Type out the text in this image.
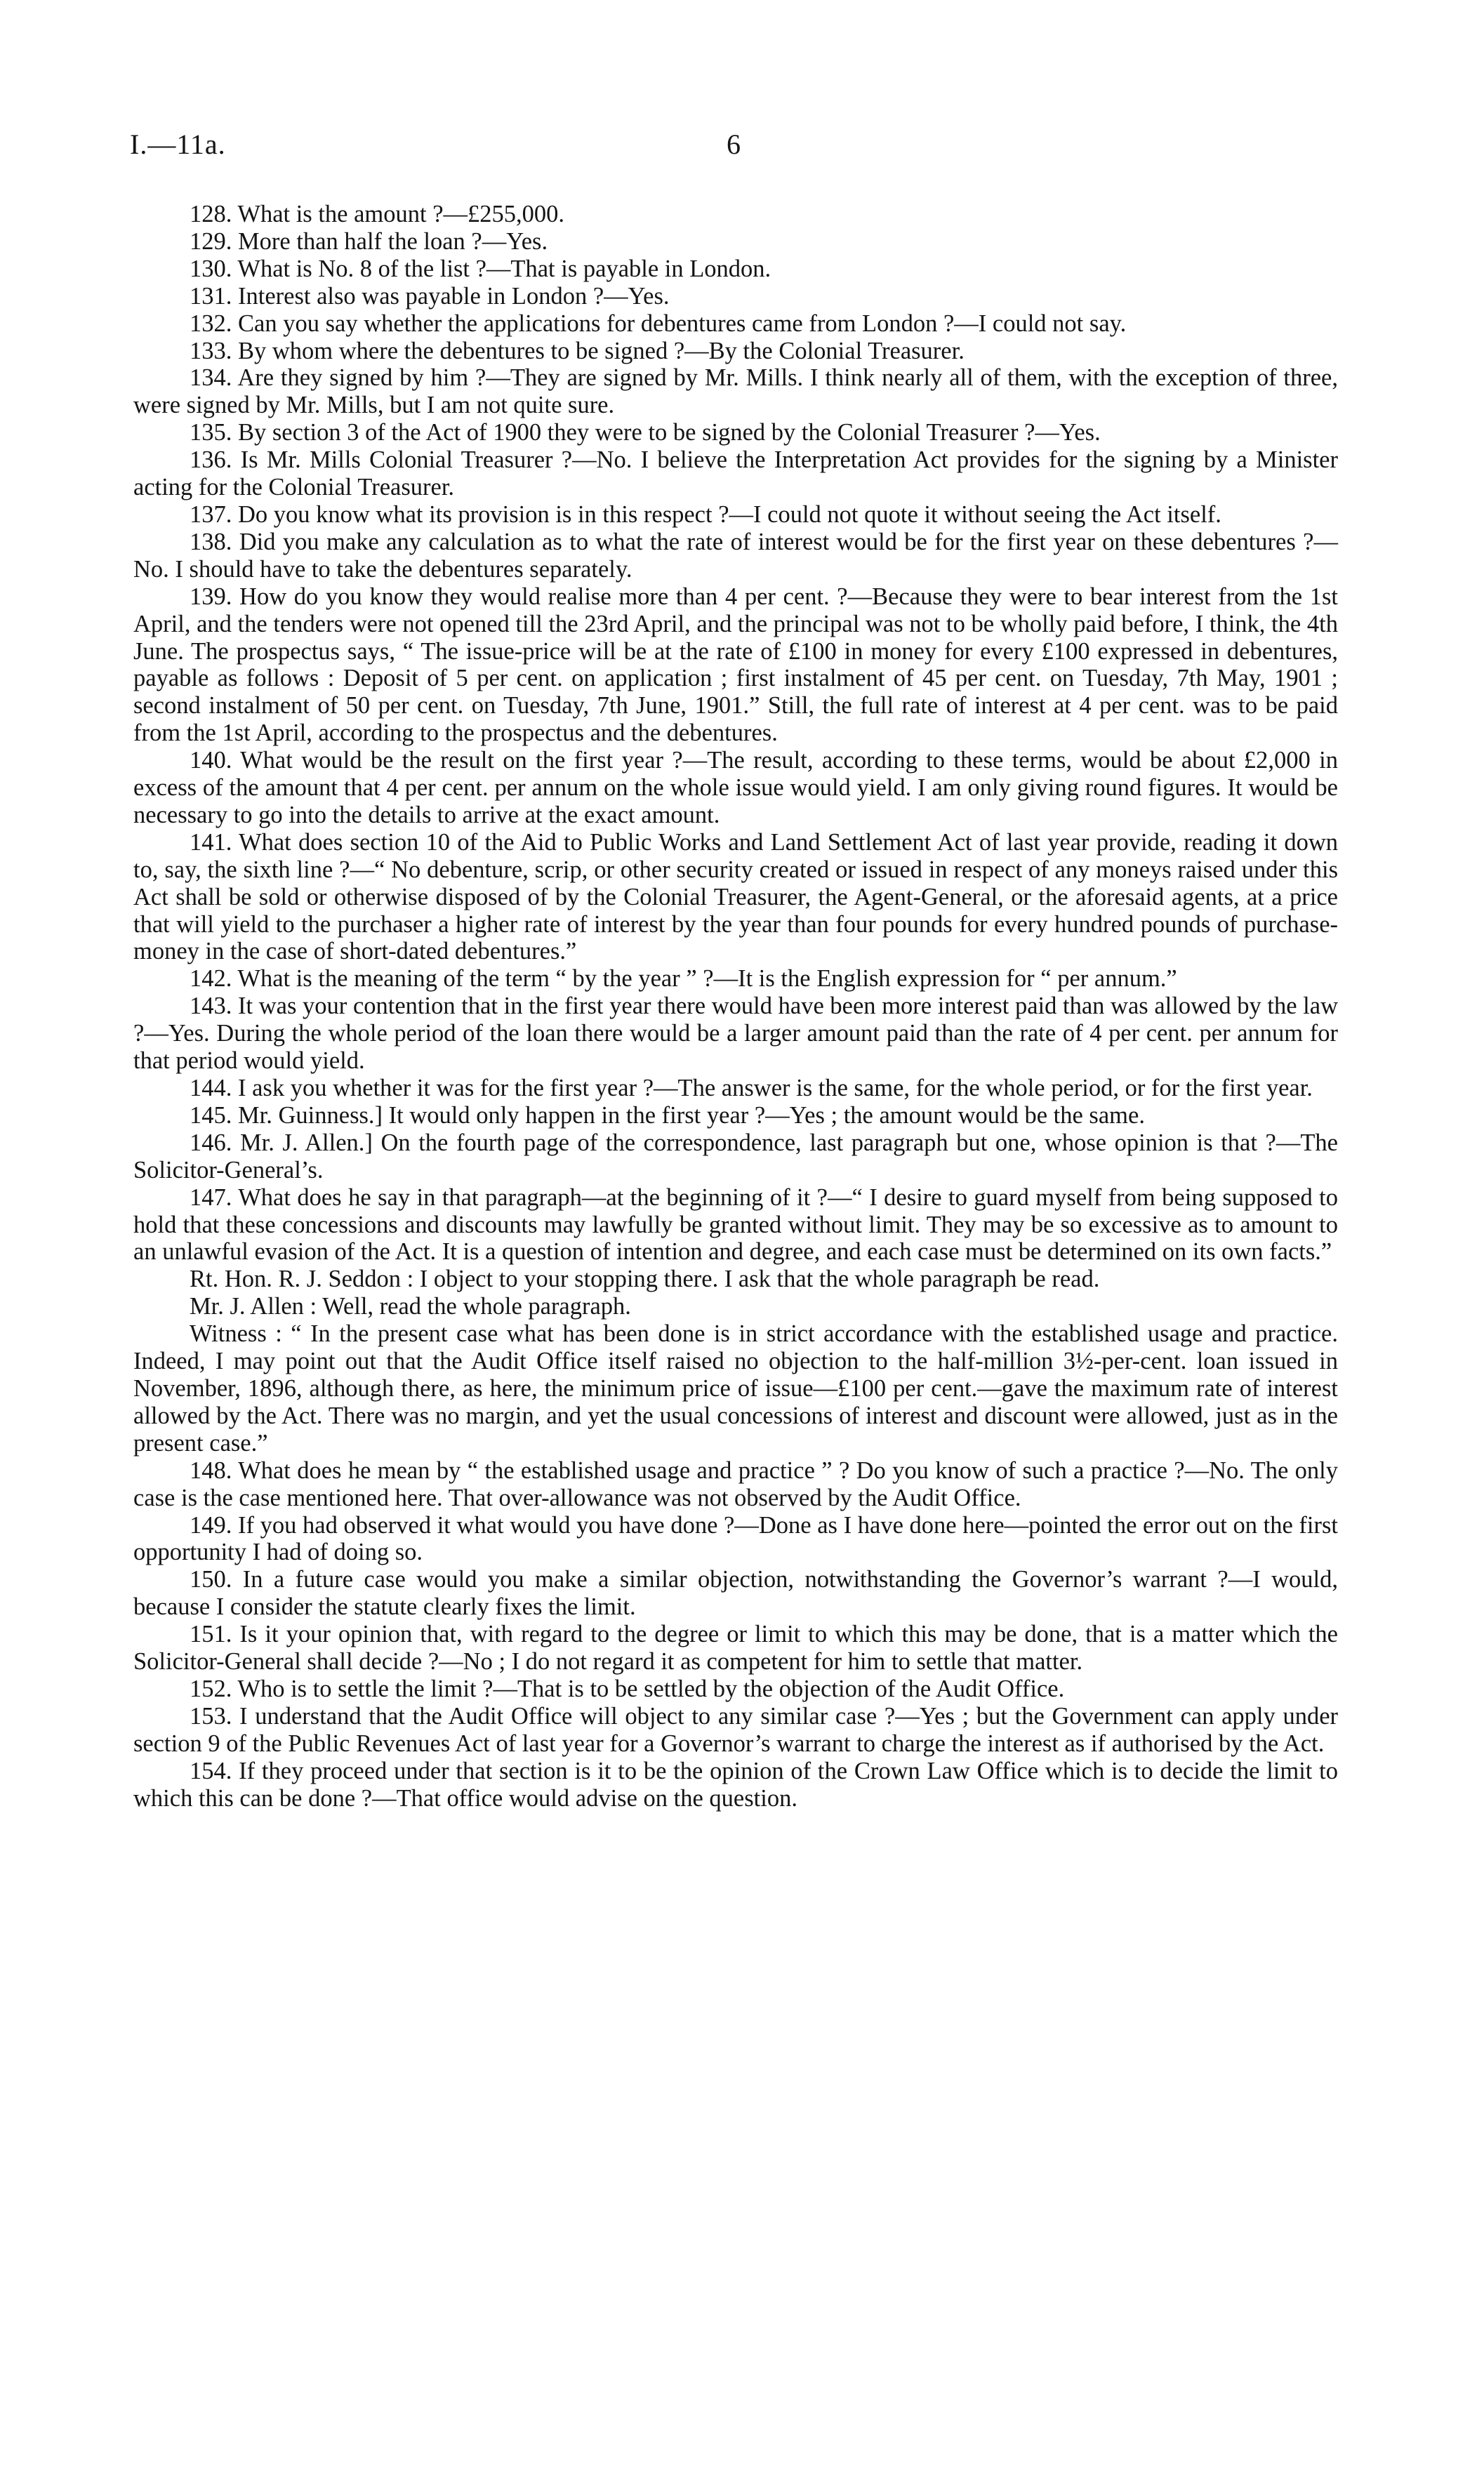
I.—11a.	6

128. What is the amount ?—£255,000.

129. More than half the loan ?—Yes.

130. What is No. 8 of the list ?—That is payable in London.

131. Interest also was payable in London ?—Yes.

132. Can you say whether the applications for debentures came from London ?—I could not say.

133. By whom where the debentures to be signed ?—By the Colonial Treasurer.

134. Are they signed by him ?—They are signed by Mr. Mills. I think nearly all of them, with the exception of three, were signed by Mr. Mills, but I am not quite sure.

135. By section 3 of the Act of 1900 they were to be signed by the Colonial Treasurer ?—Yes.

136. Is Mr. Mills Colonial Treasurer ?—No. I believe the Interpretation Act provides for the signing by a Minister acting for the Colonial Treasurer.

137. Do you know what its provision is in this respect ?—I could not quote it without seeing the Act itself.

138. Did you make any calculation as to what the rate of interest would be for the first year on these debentures ?—No. I should have to take the debentures separately.

139. How do you know they would realise more than 4 per cent. ?—Because they were to bear interest from the 1st April, and the tenders were not opened till the 23rd April, and the principal was not to be wholly paid before, I think, the 4th June. The prospectus says, “ The issue-price will be at the rate of £100 in money for every £100 expressed in debentures, payable as follows : Deposit of 5 per cent. on application ; first instalment of 45 per cent. on Tuesday, 7th May, 1901 ; second instalment of 50 per cent. on Tuesday, 7th June, 1901.” Still, the full rate of interest at 4 per cent. was to be paid from the 1st April, according to the prospectus and the debentures.

140. What would be the result on the first year ?—The result, according to these terms, would be about £2,000 in excess of the amount that 4 per cent. per annum on the whole issue would yield. I am only giving round figures. It would be necessary to go into the details to arrive at the exact amount.

141. What does section 10 of the Aid to Public Works and Land Settlement Act of last year provide, reading it down to, say, the sixth line ?—“ No debenture, scrip, or other security created or issued in respect of any moneys raised under this Act shall be sold or otherwise disposed of by the Colonial Treasurer, the Agent-General, or the aforesaid agents, at a price that will yield to the purchaser a higher rate of interest by the year than four pounds for every hundred pounds of purchase-money in the case of short-dated debentures.”

142. What is the meaning of the term “ by the year ” ?—It is the English expression for “ per annum.”

143. It was your contention that in the first year there would have been more interest paid than was allowed by the law ?—Yes. During the whole period of the loan there would be a larger amount paid than the rate of 4 per cent. per annum for that period would yield.

144. I ask you whether it was for the first year ?—The answer is the same, for the whole period, or for the first year.

145. Mr. Guinness.] It would only happen in the first year ?—Yes ; the amount would be the same.

146. Mr. J. Allen.] On the fourth page of the correspondence, last paragraph but one, whose opinion is that ?—The Solicitor-General’s.

147. What does he say in that paragraph—at the beginning of it ?—“ I desire to guard myself from being supposed to hold that these concessions and discounts may lawfully be granted without limit. They may be so excessive as to amount to an unlawful evasion of the Act. It is a question of intention and degree, and each case must be determined on its own facts.”

Rt. Hon. R. J. Seddon : I object to your stopping there. I ask that the whole paragraph be read.

Mr. J. Allen : Well, read the whole paragraph.

Witness : “ In the present case what has been done is in strict accordance with the established usage and practice. Indeed, I may point out that the Audit Office itself raised no objection to the half-million 3½-per-cent. loan issued in November, 1896, although there, as here, the minimum price of issue—£100 per cent.—gave the maximum rate of interest allowed by the Act. There was no margin, and yet the usual concessions of interest and discount were allowed, just as in the present case.”

148. What does he mean by “ the established usage and practice ” ? Do you know of such a practice ?—No. The only case is the case mentioned here. That over-allowance was not observed by the Audit Office.

149. If you had observed it what would you have done ?—Done as I have done here—pointed the error out on the first opportunity I had of doing so.

150. In a future case would you make a similar objection, notwithstanding the Governor’s warrant ?—I would, because I consider the statute clearly fixes the limit.

151. Is it your opinion that, with regard to the degree or limit to which this may be done, that is a matter which the Solicitor-General shall decide ?—No ; I do not regard it as competent for him to settle that matter.

152. Who is to settle the limit ?—That is to be settled by the objection of the Audit Office.

153. I understand that the Audit Office will object to any similar case ?—Yes ; but the Government can apply under section 9 of the Public Revenues Act of last year for a Governor’s warrant to charge the interest as if authorised by the Act.

154. If they proceed under that section is it to be the opinion of the Crown Law Office which is to decide the limit to which this can be done ?—That office would advise on the question.
